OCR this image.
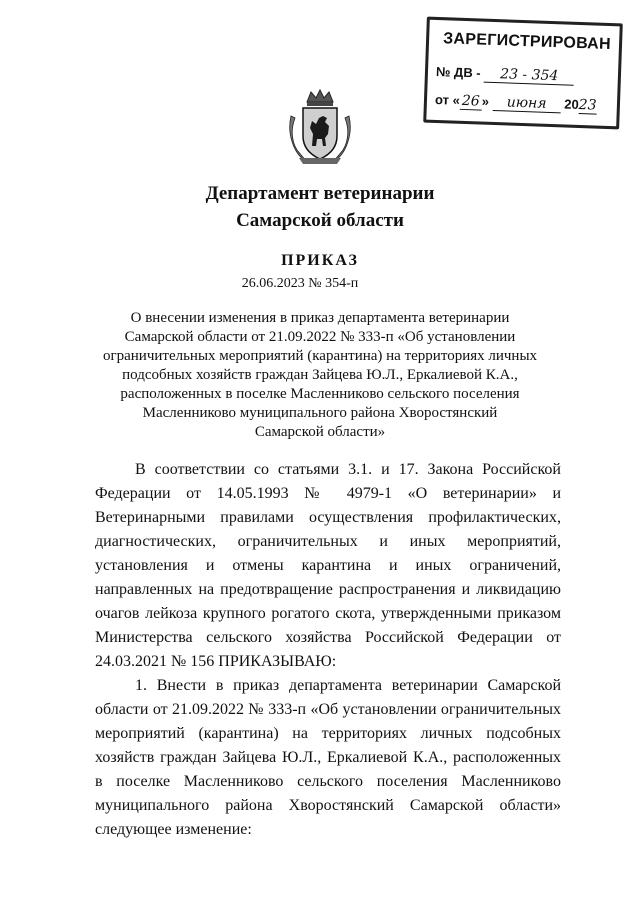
ЗАРЕГИСТРИРОВАН
№ ДВ - 23 - 354
от « 26 » июня 2023
Департамент ветеринарии
Самарской области
ПРИКАЗ
26.06.2023 № 354-п
О внесении изменения в приказ департамента ветеринарии
Самарской области от 21.09.2022 № 333-п «Об установлении
ограничительных мероприятий (карантина) на территориях личных
подсобных хозяйств граждан Зайцева Ю.Л., Еркалиевой К.А.,
расположенных в поселке Масленниково сельского поселения
Масленниково муниципального района Хворостянский
Самарской области»

В соответствии со статьями 3.1. и 17. Закона Российской Федерации от 14.05.1993 № 4979-1 «О ветеринарии» и Ветеринарными правилами осуществления профилактических, диагностических, ограничительных и иных мероприятий, установления и отмены карантина и иных ограничений, направленных на предотвращение распространения и ликвидацию очагов лейкоза крупного рогатого скота, утвержденными приказом Министерства сельского хозяйства Российской Федерации от 24.03.2021 № 156 ПРИКАЗЫВАЮ:

1. Внести в приказ департамента ветеринарии Самарской области от 21.09.2022 № 333-п «Об установлении ограничительных мероприятий (карантина) на территориях личных подсобных хозяйств граждан Зайцева Ю.Л., Еркалиевой К.А., расположенных в поселке Масленниково сельского поселения Масленниково муниципального района Хворостянский Самарской области» следующее изменение:
